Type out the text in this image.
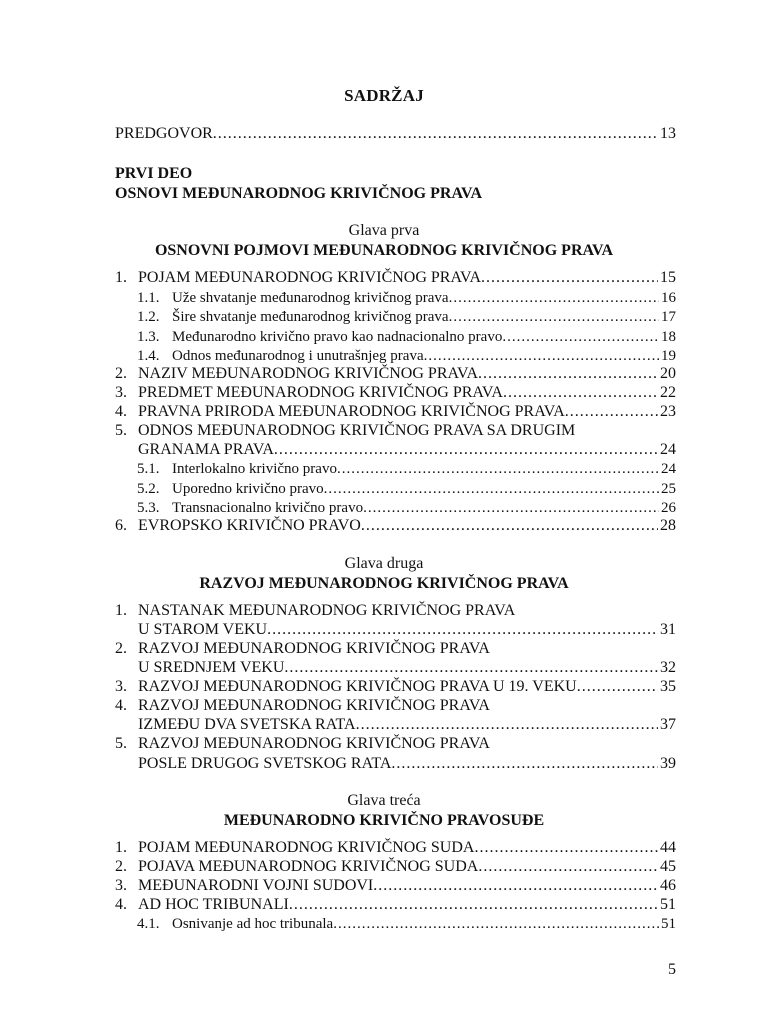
SADRŽAJ
PREDGOVOR .....	13
PRVI DEO
OSNOVI MEĐUNARODNOG KRIVIČNOG PRAVA
Glava prva
OSNOVNI POJMOVI MEĐUNARODNOG KRIVIČNOG PRAVA
1. POJAM MEĐUNARODNOG KRIVIČNOG PRAVA .....	15
1.1. Uže shvatanje međunarodnog krivičnog prava .....	16
1.2. Šire shvatanje međunarodnog krivičnog prava .....	17
1.3. Međunarodno krivično pravo kao nadnacionalno pravo .....	18
1.4. Odnos međunarodnog i unutrašnjeg prava .....	19
2. NAZIV MEĐUNARODNOG KRIVIČNOG PRAVA .....	20
3. PREDMET MEĐUNARODNOG KRIVIČNOG PRAVA .....	22
4. PRAVNA PRIRODA MEĐUNARODNOG KRIVIČNOG PRAVA .....	23
5. ODNOS MEĐUNARODNOG KRIVIČNOG PRAVA SA DRUGIM
GRANAMA PRAVA .....	24
5.1. Interlokalno krivično pravo .....	24
5.2. Uporedno krivično pravo .....	25
5.3. Transnacionalno krivično pravo .....	26
6. EVROPSKO KRIVIČNO PRAVO .....	28
Glava druga
RAZVOJ MEĐUNARODNOG KRIVIČNOG PRAVA
1. NASTANAK MEĐUNARODNOG KRIVIČNOG PRAVA
U STAROM VEKU .....	31
2. RAZVOJ MEĐUNARODNOG KRIVIČNOG PRAVA
U SREDNJEM VEKU .....	32
3. RAZVOJ MEĐUNARODNOG KRIVIČNOG PRAVA U 19. VEKU .....	35
4. RAZVOJ MEĐUNARODNOG KRIVIČNOG PRAVA
IZMEĐU DVA SVETSKA RATA .....	37
5. RAZVOJ MEĐUNARODNOG KRIVIČNOG PRAVA
POSLE DRUGOG SVETSKOG RATA .....	39
Glava treća
MEĐUNARODNO KRIVIČNO PRAVOSUĐE
1. POJAM MEĐUNARODNOG KRIVIČNOG SUDA .....	44
2. POJAVA MEĐUNARODNOG KRIVIČNOG SUDA .....	45
3. MEĐUNARODNI VOJNI SUDOVI .....	46
4. AD HOC TRIBUNALI .....	51
4.1. Osnivanje ad hoc tribunala .....	51
5
